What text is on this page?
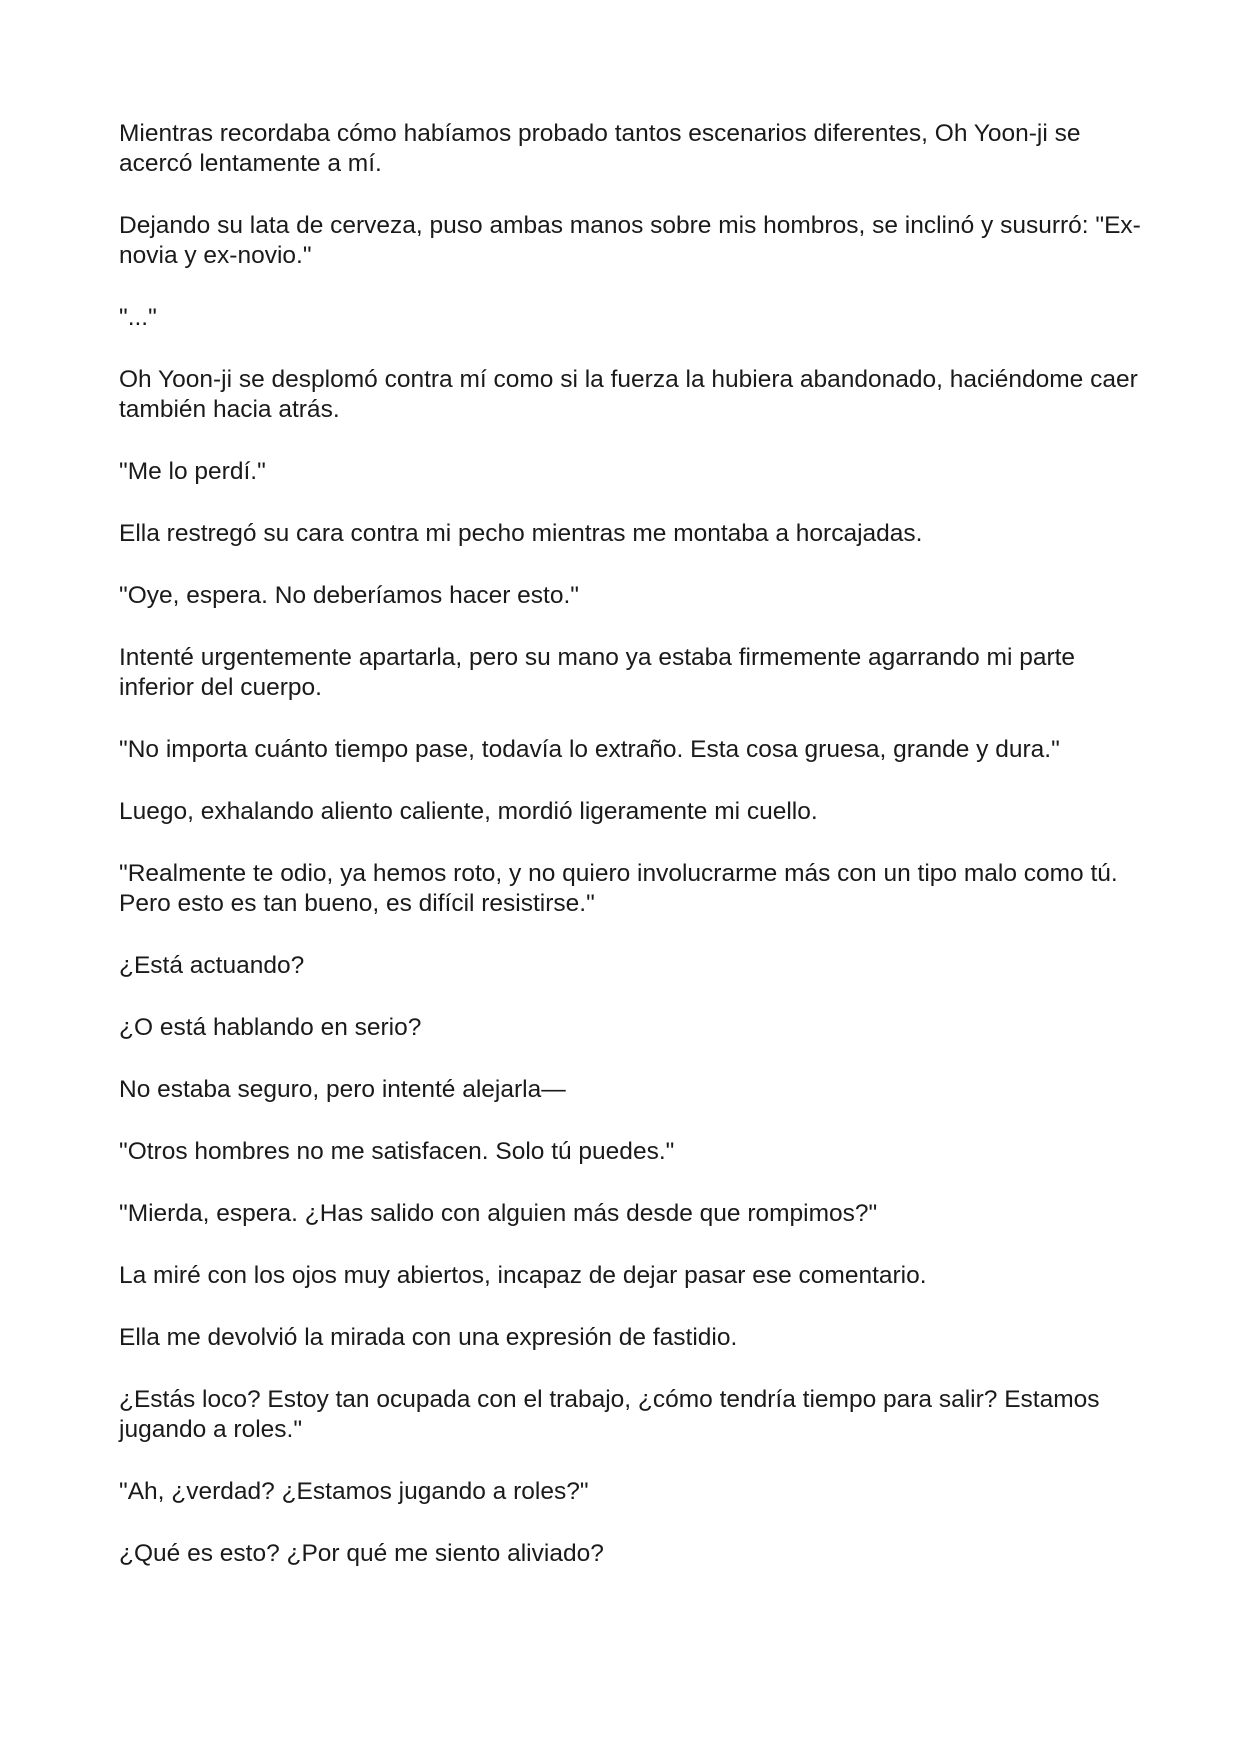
Mientras recordaba cómo habíamos probado tantos escenarios diferentes, Oh Yoon-ji se acercó lentamente a mí.

Dejando su lata de cerveza, puso ambas manos sobre mis hombros, se inclinó y susurró: "Ex-novia y ex-novio."

"..."

Oh Yoon-ji se desplomó contra mí como si la fuerza la hubiera abandonado, haciéndome caer también hacia atrás.

"Me lo perdí."

Ella restregó su cara contra mi pecho mientras me montaba a horcajadas.

"Oye, espera. No deberíamos hacer esto."

Intenté urgentemente apartarla, pero su mano ya estaba firmemente agarrando mi parte inferior del cuerpo.

"No importa cuánto tiempo pase, todavía lo extraño. Esta cosa gruesa, grande y dura."

Luego, exhalando aliento caliente, mordió ligeramente mi cuello.

"Realmente te odio, ya hemos roto, y no quiero involucrarme más con un tipo malo como tú. Pero esto es tan bueno, es difícil resistirse."

¿Está actuando?

¿O está hablando en serio?

No estaba seguro, pero intenté alejarla—

"Otros hombres no me satisfacen. Solo tú puedes."

"Mierda, espera. ¿Has salido con alguien más desde que rompimos?"

La miré con los ojos muy abiertos, incapaz de dejar pasar ese comentario.

Ella me devolvió la mirada con una expresión de fastidio.

¿Estás loco? Estoy tan ocupada con el trabajo, ¿cómo tendría tiempo para salir? Estamos jugando a roles."

"Ah, ¿verdad? ¿Estamos jugando a roles?"

¿Qué es esto? ¿Por qué me siento aliviado?
